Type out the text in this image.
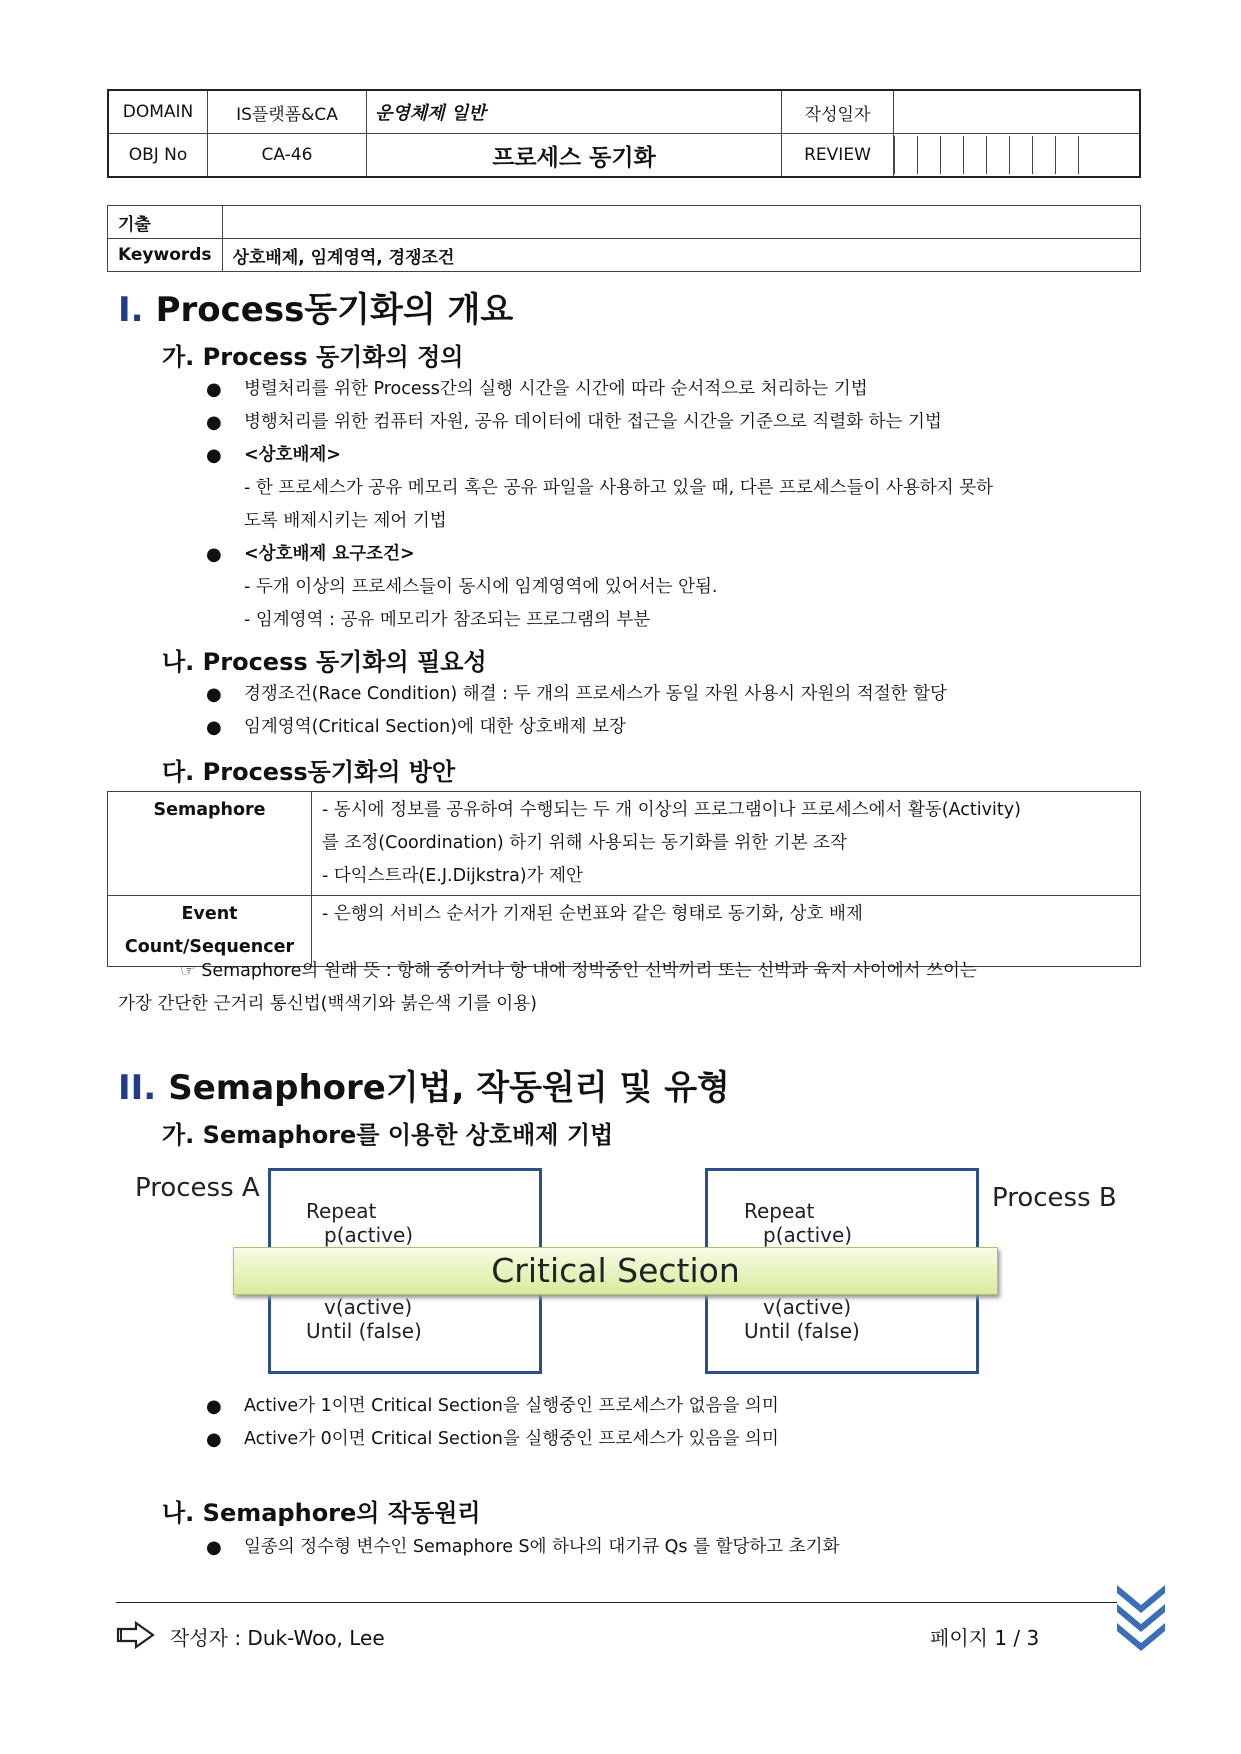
DOMAIN	IS플랫폼&CA	운영체제 일반	작성일자	
OBJ No	CA-46	프로세스 동기화	REVIEW	
기출	
Keywords	상호배제, 임계영역, 경쟁조건
I. Process동기화의 개요
가. Process 동기화의 정의
● 병렬처리를 위한 Process간의 실행 시간을 시간에 따라 순서적으로 처리하는 기법
● 병행처리를 위한 컴퓨터 자원, 공유 데이터에 대한 접근을 시간을 기준으로 직렬화 하는 기법
● <상호배제>
- 한 프로세스가 공유 메모리 혹은 공유 파일을 사용하고 있을 때, 다른 프로세스들이 사용하지 못하
도록 배제시키는 제어 기법
● <상호배제 요구조건>
- 두개 이상의 프로세스들이 동시에 임계영역에 있어서는 안됨.
- 임계영역 : 공유 메모리가 참조되는 프로그램의 부분
나. Process 동기화의 필요성
● 경쟁조건(Race Condition) 해결 : 두 개의 프로세스가 동일 자원 사용시 자원의 적절한 할당
● 임계영역(Critical Section)에 대한 상호배제 보장
다. Process동기화의 방안
Semaphore	- 동시에 정보를 공유하여 수행되는 두 개 이상의 프로그램이나 프로세스에서 활동(Activity)
를 조정(Coordination) 하기 위해 사용되는 동기화를 위한 기본 조작
- 다익스트라(E.J.Dijkstra)가 제안

Event
Count/Sequencer	- 은행의 서비스 순서가 기재된 순번표와 같은 형태로 동기화, 상호 배제
☞ Semaphore의 원래 뜻 : 항해 중이거나 항 내에 정박중인 선박끼리 또는 선박과 육지 사이에서 쓰이는
가장 간단한 근거리 통신법(백색기와 붉은색 기를 이용)
II. Semaphore기법, 작동원리 및 유형
가. Semaphore를 이용한 상호배제 기법
Process A	Process B
Repeat
p(active)
v(active)
Until (false)
Repeat
p(active)
v(active)
Until (false)
Critical Section
● Active가 1이면 Critical Section을 실행중인 프로세스가 없음을 의미
● Active가 0이면 Critical Section을 실행중인 프로세스가 있음을 의미
나. Semaphore의 작동원리
● 일종의 정수형 변수인 Semaphore S에 하나의 대기큐 Qs 를 할당하고 초기화
작성자 : Duk-Woo, Lee	페이지 1 / 3
